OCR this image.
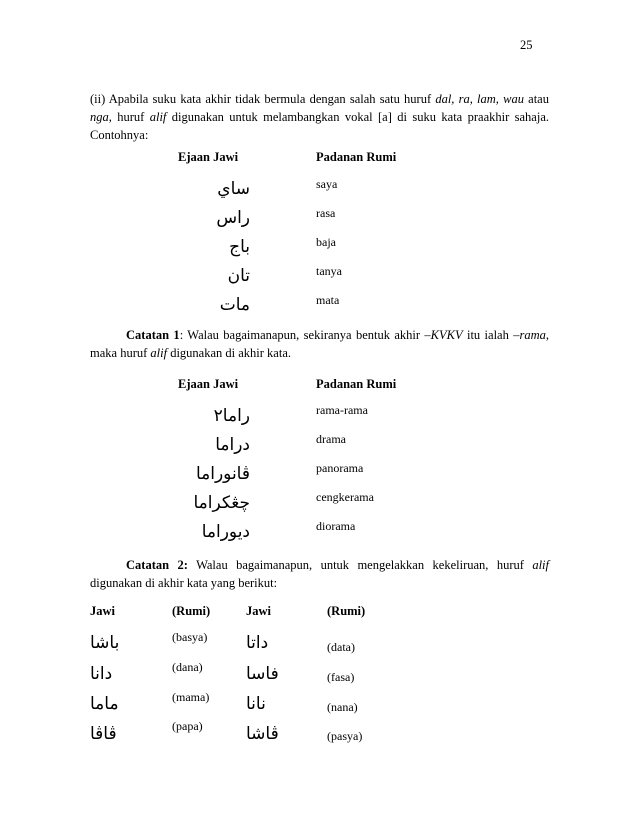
25
(ii) Apabila suku kata akhir tidak bermula dengan salah satu huruf dal, ra, lam, wau atau nga, huruf alif digunakan untuk melambangkan vokal [a] di suku kata praakhir sahaja. Contohnya:
Ejaan Jawi	Padanan Rumi
ساي	saya
راس	rasa
باج	baja
تان	tanya
مات	mata
Catatan 1: Walau bagaimanapun, sekiranya bentuk akhir –KVKV itu ialah –rama, maka huruf alif digunakan di akhir kata.
Ejaan Jawi	Padanan Rumi
راما٢	rama-rama
دراما	drama
ڤانوراما	panorama
چڠکراما	cengkerama
ديوراما	diorama
Catatan 2: Walau bagaimanapun, untuk mengelakkan kekeliruan, huruf alif digunakan di akhir kata yang berikut:
Jawi	(Rumi)	Jawi	(Rumi)
باشا	(basya) داتا	(data)
دانا	(dana)	فاسا	(fasa)
ماما	(mama) نانا	(nana)
ڤاڤا	(papa)	ڤاشا	(pasya)
